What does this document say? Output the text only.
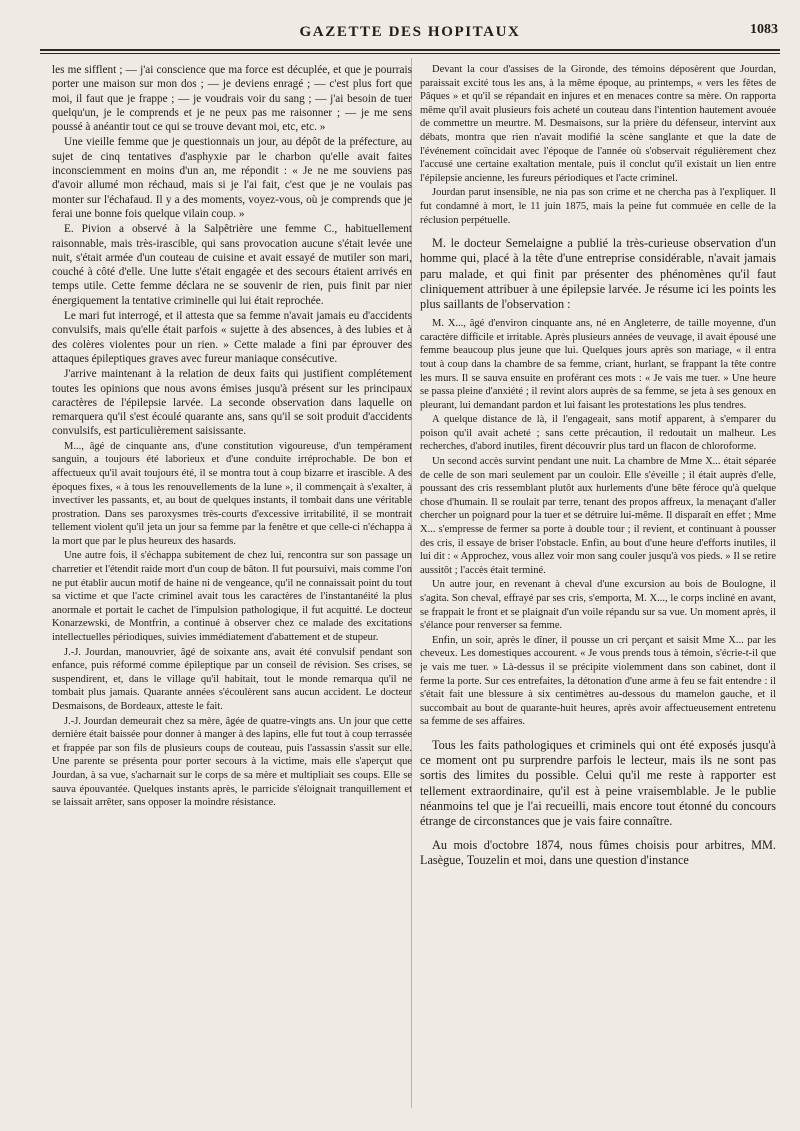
GAZETTE DES HOPITAUX	1083

les me sifflent ; — j'ai conscience que ma force est décuplée, et que je pourrais porter une maison sur mon dos ; — je deviens enragé ; — c'est plus fort que moi, il faut que je frappe ; — je voudrais voir du sang ; — j'ai besoin de tuer quelqu'un, je le comprends et je ne peux pas me raisonner ; — je me sens poussé à anéantir tout ce qui se trouve devant moi, etc, etc. »

Une vieille femme que je questionnais un jour, au dépôt de la préfecture, au sujet de cinq tentatives d'asphyxie par le charbon qu'elle avait faites inconsciemment en moins d'un an, me répondit : « Je ne me souviens pas d'avoir allumé mon réchaud, mais si je l'ai fait, c'est que je ne voulais pas monter sur l'échafaud. Il y a des moments, voyez-vous, où je comprends que je ferai une bonne fois quelque vilain coup. »

E. Pivion a observé à la Salpêtrière une femme C., habituellement raisonnable, mais très-irascible, qui sans provocation aucune s'était levée une nuit, s'était armée d'un couteau de cuisine et avait essayé de mutiler son mari, couché à côté d'elle. Une lutte s'était engagée et des secours étaient arrivés en temps utile. Cette femme déclara ne se souvenir de rien, puis finit par nier énergiquement la tentative criminelle qui lui était reprochée.

Le mari fut interrogé, et il attesta que sa femme n'avait jamais eu d'accidents convulsifs, mais qu'elle était parfois « sujette à des absences, à des lubies et à des colères violentes pour un rien. » Cette malade a fini par éprouver des attaques épileptiques graves avec fureur maniaque consécutive.

J'arrive maintenant à la relation de deux faits qui justifient complétement toutes les opinions que nous avons émises jusqu'à présent sur les principaux caractères de l'épilepsie larvée. La seconde observation dans laquelle on remarquera qu'il s'est écoulé quarante ans, sans qu'il se soit produit d'accidents convulsifs, est particulièrement saisissante.

M..., âgé de cinquante ans, d'une constitution vigoureuse, d'un tempérament sanguin, a toujours été laborieux et d'une conduite irréprochable. De bon et affectueux qu'il avait toujours été, il se montra tout à coup bizarre et irascible. A des époques fixes, « à tous les renouvellements de la lune », il commençait à s'exalter, à invectiver les passants, et, au bout de quelques instants, il tombait dans une véritable prostration. Dans ses paroxysmes très-courts d'excessive irritabilité, il se montrait tellement violent qu'il jeta un jour sa femme par la fenêtre et que celle-ci n'échappa à la mort que par le plus heureux des hasards.

Une autre fois, il s'échappa subitement de chez lui, rencontra sur son passage un charretier et l'étendit raide mort d'un coup de bâton. Il fut poursuivi, mais comme l'on ne put établir aucun motif de haine ni de vengeance, qu'il ne connaissait point du tout sa victime et que l'acte criminel avait tous les caractères de l'instantanéité la plus anormale et portait le cachet de l'impulsion pathologique, il fut acquitté. Le docteur Konarzewski, de Montfrin, a continué à observer chez ce malade des excitations intellectuelles périodiques, suivies immédiatement d'abattement et de stupeur.

J.-J. Jourdan, manouvrier, âgé de soixante ans, avait été convulsif pendant son enfance, puis réformé comme épileptique par un conseil de révision. Ses crises, se suspendirent, et, dans le village qu'il habitait, tout le monde remarqua qu'il ne tombait plus jamais. Quarante années s'écoulèrent sans aucun accident. Le docteur Desmaisons, de Bordeaux, atteste le fait.

J.-J. Jourdan demeurait chez sa mère, âgée de quatre-vingts ans. Un jour que cette dernière était baissée pour donner à manger à des lapins, elle fut tout à coup terrassée et frappée par son fils de plusieurs coups de couteau, puis l'assassin s'assit sur elle. Une parente se présenta pour porter secours à la victime, mais elle s'aperçut que Jourdan, à sa vue, s'acharnait sur le corps de sa mère et multipliait ses coups. Elle se sauva épouvantée. Quelques instants après, le parricide s'éloignait tranquillement et se laissait arrêter, sans opposer la moindre résistance.

Devant la cour d'assises de la Gironde, des témoins déposèrent que Jourdan, paraissait excité tous les ans, à la même époque, au printemps, « vers les fêtes de Pâques » et qu'il se répandait en injures et en menaces contre sa mère. On rapporta même qu'il avait plusieurs fois acheté un couteau dans l'intention hautement avouée de commettre un meurtre. M. Desmaisons, sur la prière du défenseur, intervint aux débats, montra que rien n'avait modifié la scène sanglante et que la date de l'événement coïncidait avec l'époque de l'année où s'observait régulièrement chez l'accusé une certaine exaltation mentale, puis il conclut qu'il existait un lien entre l'épilepsie ancienne, les fureurs périodiques et l'acte criminel.

Jourdan parut insensible, ne nia pas son crime et ne chercha pas à l'expliquer. Il fut condamné à mort, le 11 juin 1875, mais la peine fut commuée en celle de la réclusion perpétuelle.

M. le docteur Semelaigne a publié la très-curieuse observation d'un homme qui, placé à la tête d'une entreprise considérable, n'avait jamais paru malade, et qui finit par présenter des phénomènes qu'il faut cliniquement attribuer à une épilepsie larvée. Je résume ici les points les plus saillants de l'observation :

M. X..., âgé d'environ cinquante ans, né en Angleterre, de taille moyenne, d'un caractère difficile et irritable. Après plusieurs années de veuvage, il avait épousé une femme beaucoup plus jeune que lui. Quelques jours après son mariage, « il entra tout à coup dans la chambre de sa femme, criant, hurlant, se frappant la tête contre les murs. Il se sauva ensuite en proférant ces mots : « Je vais me tuer. » Une heure se passa pleine d'anxiété ; il revint alors auprès de sa femme, se jeta à ses genoux en pleurant, lui demandant pardon et lui faisant les protestations les plus tendres.

A quelque distance de là, il l'engageait, sans motif apparent, à s'emparer du poison qu'il avait acheté ; sans cette précaution, il redoutait un malheur. Les recherches, d'abord inutiles, firent découvrir plus tard un flacon de chloroforme.

Un second accès survint pendant une nuit. La chambre de Mme X... était séparée de celle de son mari seulement par un couloir. Elle s'éveille ; il était auprès d'elle, poussant des cris ressemblant plutôt aux hurlements d'une bête féroce qu'à quelque chose d'humain. Il se roulait par terre, tenant des propos affreux, la menaçant d'aller chercher un poignard pour la tuer et se détruire lui-même. Il disparaît en effet ; Mme X... s'empresse de fermer sa porte à double tour ; il revient, et continuant à pousser des cris, il essaye de briser l'obstacle. Enfin, au bout d'une heure d'efforts inutiles, il lui dit : « Approchez, vous allez voir mon sang couler jusqu'à vos pieds. » Il se retire aussitôt ; l'accès était terminé.

Un autre jour, en revenant à cheval d'une excursion au bois de Boulogne, il s'agita. Son cheval, effrayé par ses cris, s'emporta, M. X..., le corps incliné en avant, se frappait le front et se plaignait d'un voile répandu sur sa vue. Un moment après, il s'élance pour renverser sa femme.

Enfin, un soir, après le dîner, il pousse un cri perçant et saisit Mme X... par les cheveux. Les domestiques accourent. « Je vous prends tous à témoin, s'écrie-t-il que je vais me tuer. » Là-dessus il se précipite violemment dans son cabinet, dont il ferme la porte. Sur ces entrefaites, la détonation d'une arme à feu se fait entendre : il s'était fait une blessure à six centimètres au-dessous du mamelon gauche, et il succombait au bout de quarante-huit heures, après avoir affectueusement entretenu sa femme de ses affaires.

Tous les faits pathologiques et criminels qui ont été exposés jusqu'à ce moment ont pu surprendre parfois le lecteur, mais ils ne sont pas sortis des limites du possible. Celui qu'il me reste à rapporter est tellement extraordinaire, qu'il est à peine vraisemblable. Je le publie néanmoins tel que je l'ai recueilli, mais encore tout étonné du concours étrange de circonstances que je vais faire connaître.

Au mois d'octobre 1874, nous fûmes choisis pour arbitres, MM. Lasègue, Touzelin et moi, dans une question d'instance
